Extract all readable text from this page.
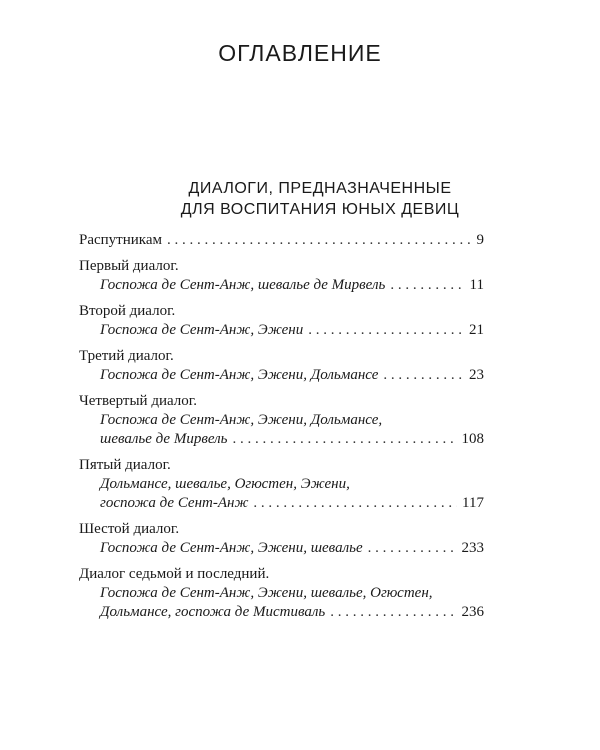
ОГЛАВЛЕНИЕ
ДИАЛОГИ, ПРЕДНАЗНАЧЕННЫЕ
ДЛЯ ВОСПИТАНИЯ ЮНЫХ ДЕВИЦ
Распутникам . . .	9
Первый диалог.
Госпожа де Сент-Анж, шевалье де Мирвель . . .	11
Второй диалог.
Госпожа де Сент-Анж, Эжени . . .	21
Третий диалог.
Госпожа де Сент-Анж, Эжени, Дольмансе . . .	23
Четвертый диалог.
Госпожа де Сент-Анж, Эжени, Дольмансе,
шевалье де Мирвель . . .	108
Пятый диалог.
Дольмансе, шевалье, Огюстен, Эжени,
госпожа де Сент-Анж . . .	117
Шестой диалог.
Госпожа де Сент-Анж, Эжени, шевалье . . .	233
Диалог седьмой и последний.
Госпожа де Сент-Анж, Эжени, шевалье, Огюстен,
Дольмансе, госпожа де Мистиваль . . .	236
